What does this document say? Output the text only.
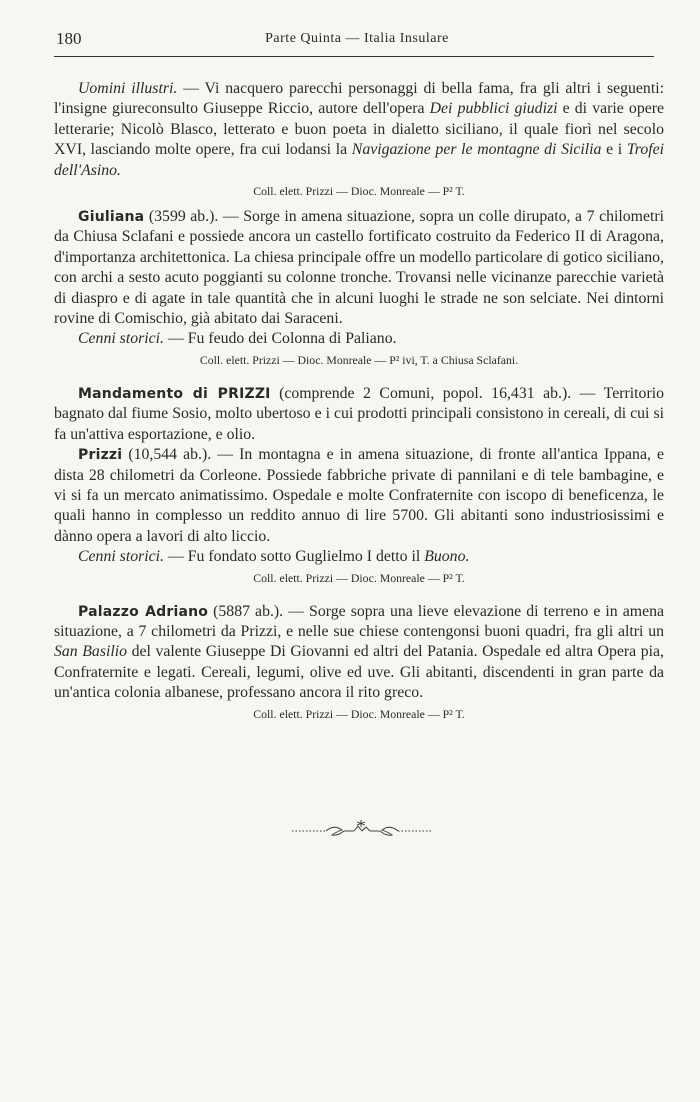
180	Parte Quinta — Italia Insulare

Uomini illustri. — Vi nacquero parecchi personaggi di bella fama, fra gli altri i seguenti: l'insigne giureconsulto Giuseppe Riccio, autore dell'opera Dei pubblici giudizi e di varie opere letterarie; Nicolò Blasco, letterato e buon poeta in dialetto siciliano, il quale fiorì nel secolo XVI, lasciando molte opere, fra cui lodansi la Navigazione per le montagne di Sicilia e i Trofei dell'Asino.

Coll. elett. Prizzi — Dioc. Monreale — P² T.

Giuliana (3599 ab.). — Sorge in amena situazione, sopra un colle dirupato, a 7 chilometri da Chiusa Sclafani e possiede ancora un castello fortificato costruito da Federico II di Aragona, d'importanza architettonica. La chiesa principale offre un modello particolare di gotico siciliano, con archi a sesto acuto poggianti su colonne tronche. Trovansi nelle vicinanze parecchie varietà di diaspro e di agate in tale quantità che in alcuni luoghi le strade ne son selciate. Nei dintorni rovine di Comischio, già abitato dai Saraceni.

Cenni storici. — Fu feudo dei Colonna di Paliano.

Coll. elett. Prizzi — Dioc. Monreale — P² ivi, T. a Chiusa Sclafani.

Mandamento di PRIZZI (comprende 2 Comuni, popol. 16,431 ab.). — Territorio bagnato dal fiume Sosio, molto ubertoso e i cui prodotti principali consistono in cereali, di cui si fa un'attiva esportazione, e olio.

Prizzi (10,544 ab.). — In montagna e in amena situazione, di fronte all'antica Ippana, e dista 28 chilometri da Corleone. Possiede fabbriche private di pannilani e di tele bambagine, e vi si fa un mercato animatissimo. Ospedale e molte Confraternite con iscopo di beneficenza, le quali hanno in complesso un reddito annuo di lire 5700. Gli abitanti sono industriosissimi e dànno opera a lavori di alto liccio.

Cenni storici. — Fu fondato sotto Guglielmo I detto il Buono.

Coll. elett. Prizzi — Dioc. Monreale — P² T.

Palazzo Adriano (5887 ab.). — Sorge sopra una lieve elevazione di terreno e in amena situazione, a 7 chilometri da Prizzi, e nelle sue chiese contengonsi buoni quadri, fra gli altri un San Basilio del valente Giuseppe Di Giovanni ed altri del Patania. Ospedale ed altra Opera pia, Confraternite e legati. Cereali, legumi, olive ed uve. Gli abitanti, discendenti in gran parte da un'antica colonia albanese, professano ancora il rito greco.

Coll. elett. Prizzi — Dioc. Monreale — P² T.
